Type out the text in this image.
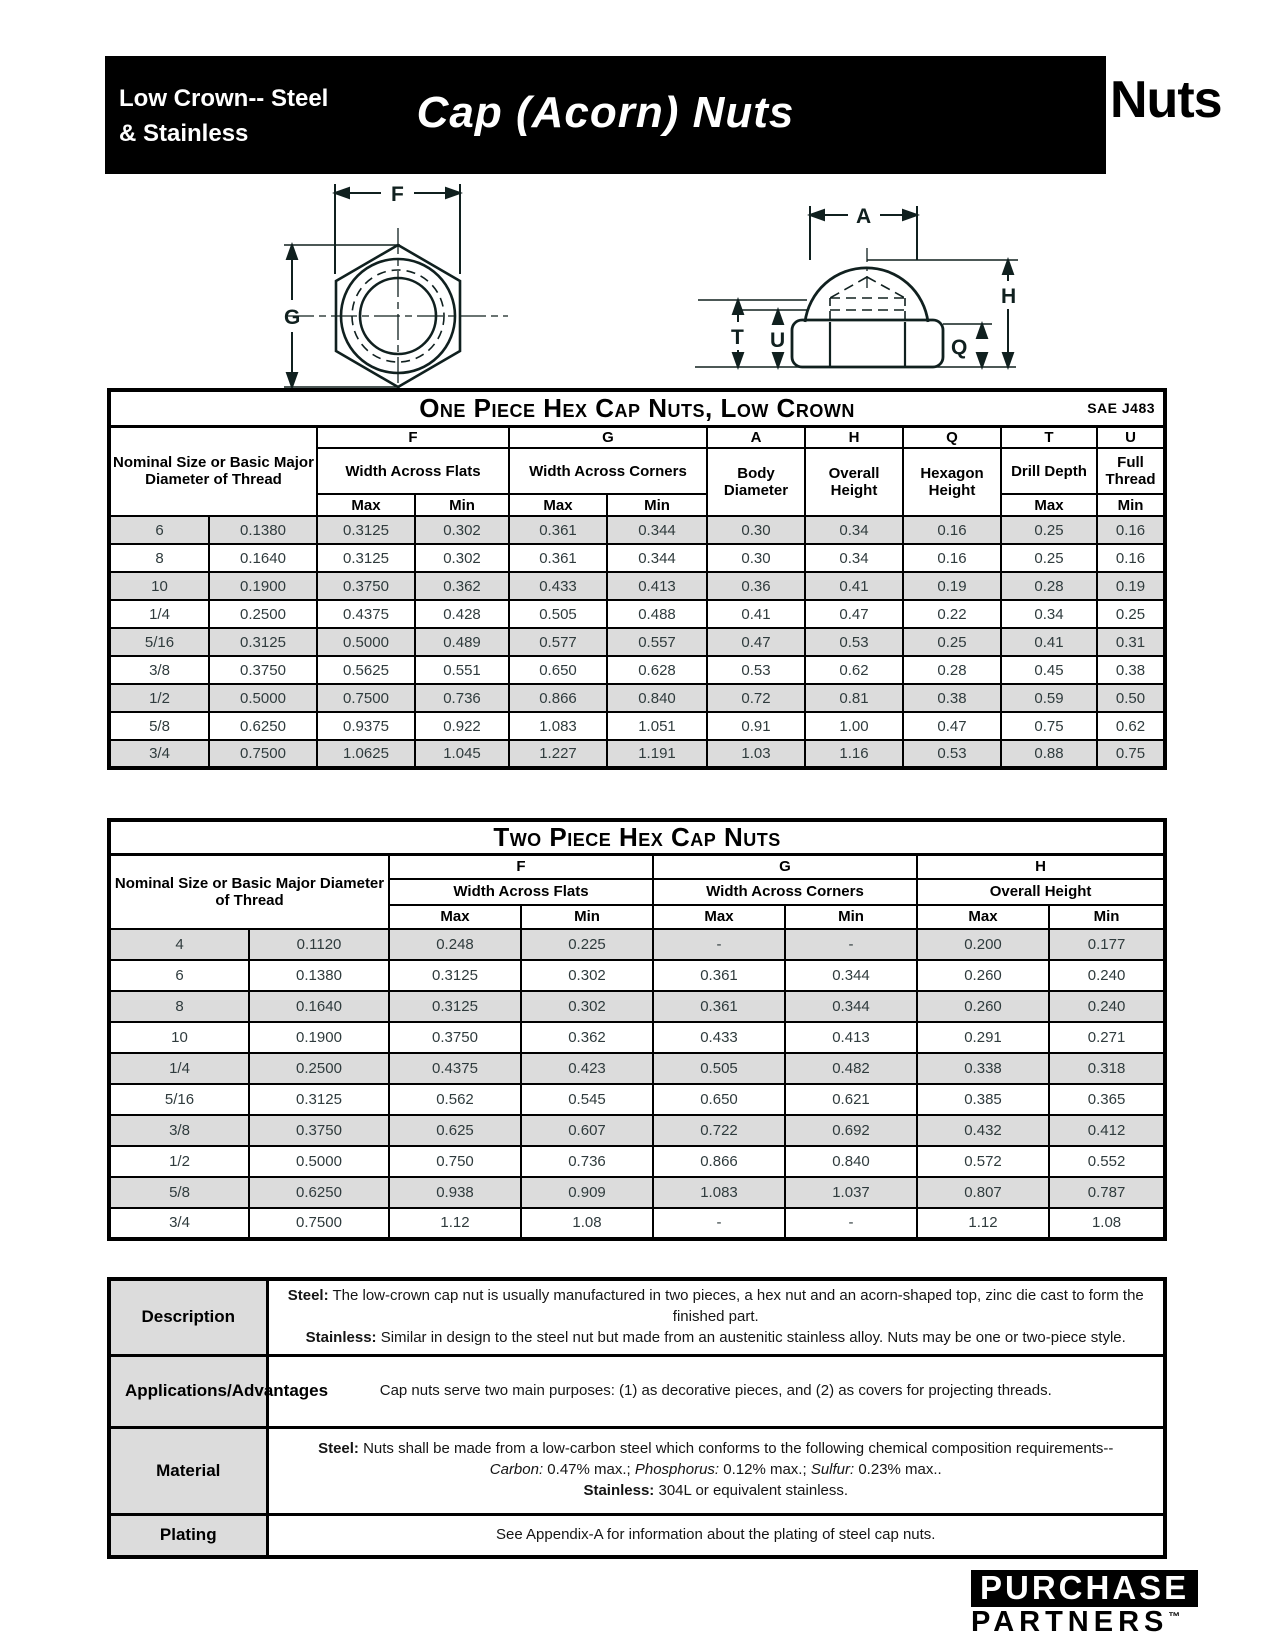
Low Crown-- Steel
& Stainless	Cap (Acorn) Nuts	Nuts
F
G
A
T U	Q
H
One Piece Hex Cap Nuts, Low Crown SAE J483										

Nominal Size or Basic Major Diameter of Thread		F		G		A	H	Q	T	U
		Width Across Flats		Width Across Corners		Body Diameter	Overall Height	Hexagon Height	Drill Depth	Full Thread
		Max	Min	Max	Min				Max	Min
6	0.1380	0.3125	0.302	0.361	0.344	0.30	0.34	0.16	0.25	0.16
8	0.1640	0.3125	0.302	0.361	0.344	0.30	0.34	0.16	0.25	0.16
10	0.1900	0.3750	0.362	0.433	0.413	0.36	0.41	0.19	0.28	0.19
1/4	0.2500	0.4375	0.428	0.505	0.488	0.41	0.47	0.22	0.34	0.25
5/16	0.3125	0.5000	0.489	0.577	0.557	0.47	0.53	0.25	0.41	0.31
3/8	0.3750	0.5625	0.551	0.650	0.628	0.53	0.62	0.28	0.45	0.38
1/2	0.5000	0.7500	0.736	0.866	0.840	0.72	0.81	0.38	0.59	0.50
5/8	0.6250	0.9375	0.922	1.083	1.051	0.91	1.00	0.47	0.75	0.62
3/4	0.7500	1.0625	1.045	1.227	1.191	1.03	1.16	0.53	0.88	0.75
Two Piece Hex Cap Nuts							
Nominal Size or Basic Major Diameter of Thread		F		G		H	
		Width Across Flats		Width Across Corners		Overall Height	
		Max	Min	Max	Min	Max	Min
4	0.1120	0.248	0.225	-	-	0.200	0.177
6	0.1380	0.3125	0.302	0.361	0.344	0.260	0.240
8	0.1640	0.3125	0.302	0.361	0.344	0.260	0.240
10	0.1900	0.3750	0.362	0.433	0.413	0.291	0.271
1/4	0.2500	0.4375	0.423	0.505	0.482	0.338	0.318
5/16	0.3125	0.562	0.545	0.650	0.621	0.385	0.365
3/8	0.3750	0.625	0.607	0.722	0.692	0.432	0.412
1/2	0.5000	0.750	0.736	0.866	0.840	0.572	0.552
5/8	0.6250	0.938	0.909	1.083	1.037	0.807	0.787
3/4	0.7500	1.12	1.08	-	-	1.12	1.08
Description	Steel: The low-crown cap nut is usually manufactured in two pieces, a hex nut and an acorn-shaped top, zinc die cast to form the finished part.
Stainless: Similar in design to the steel nut but made from an austenitic stainless alloy. Nuts may be one or two-piece style.

Applications/Advantages	Cap nuts serve two main purposes: (1) as decorative pieces, and (2) as covers for projecting threads.

Material	Steel: Nuts shall be made from a low-carbon steel which conforms to the following chemical composition requirements--
Carbon: 0.47% max.; Phosphorus: 0.12% max.; Sulfur: 0.23% max..
Stainless: 304L or equivalent stainless.

Plating	See Appendix-A for information about the plating of steel cap nuts.
PURCHASE
PARTNERS™
